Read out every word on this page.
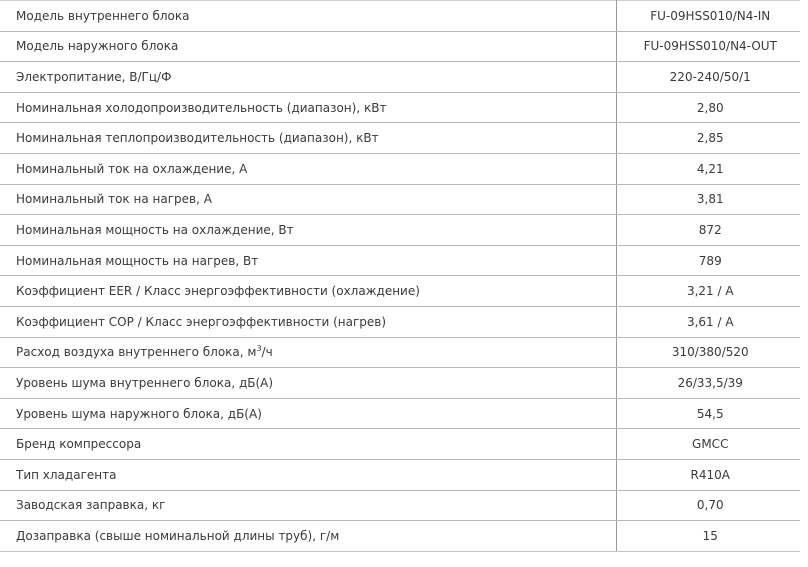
Модель внутреннего блока	FU-09HSS010/N4-IN
Модель наружного блока	FU-09HSS010/N4-OUT
Электропитание, В/Гц/Ф	220-240/50/1
Номинальная холодопроизводительность (диапазон), кВт	2,80
Номинальная теплопроизводительность (диапазон), кВт	2,85
Номинальный ток на охлаждение, А	4,21
Номинальный ток на нагрев, А	3,81
Номинальная мощность на охлаждение, Вт	872
Номинальная мощность на нагрев, Вт	789
Коэффициент EER / Класс энергоэффективности (охлаждение)	3,21 / A
Коэффициент COP / Класс энергоэффективности (нагрев)	3,61 / A
Расход воздуха внутреннего блока, $м^3/ч$	310/380/520
Уровень шума внутреннего блока, дБ(А)	26/33,5/39
Уровень шума наружного блока, дБ(А)	54,5
Бренд компрессора	GMCC
Тип хладагента	R410A
Заводская заправка, кг	0,70
Дозаправка (свыше номинальной длины труб), г/м	15
